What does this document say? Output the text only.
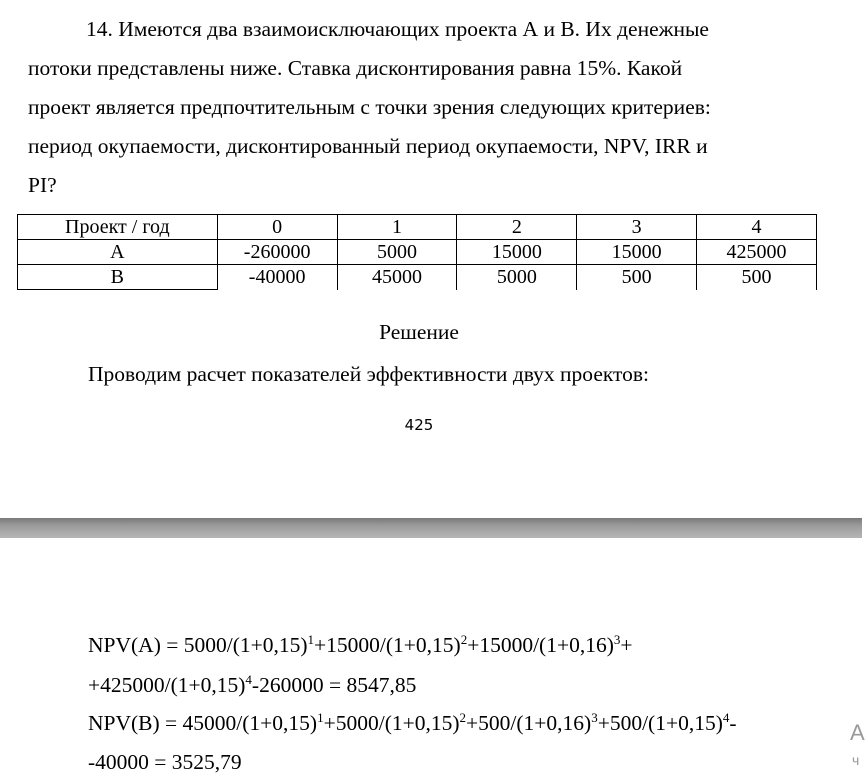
14. Имеются два взаимоисключающих проекта А и В. Их денежные
потоки представлены ниже. Ставка дисконтирования равна 15%. Какой
проект является предпочтительным с точки зрения следующих критериев:
период окупаемости, дисконтированный период окупаемости, NPV, IRR и
PI?
Проект / год	0	1	2	3	4
А	-260000	5000	15000	15000	425000
В	-40000	45000	5000	500	500
Решение
Проводим расчет показателей эффективности двух проектов:
425
$NPV(A) = 5000/(1+0,15)^1+15000/(1+0,15)^2+15000/(1+0,16)^3+$
$+425000/(1+0,15)^4-260000 = 8547,85$
$NPV(B) = 45000/(1+0,15)^1+5000/(1+0,15)^2+500/(1+0,16)^3+500/(1+0,15)^4-$
-40000 = 3525,79
A
ч
